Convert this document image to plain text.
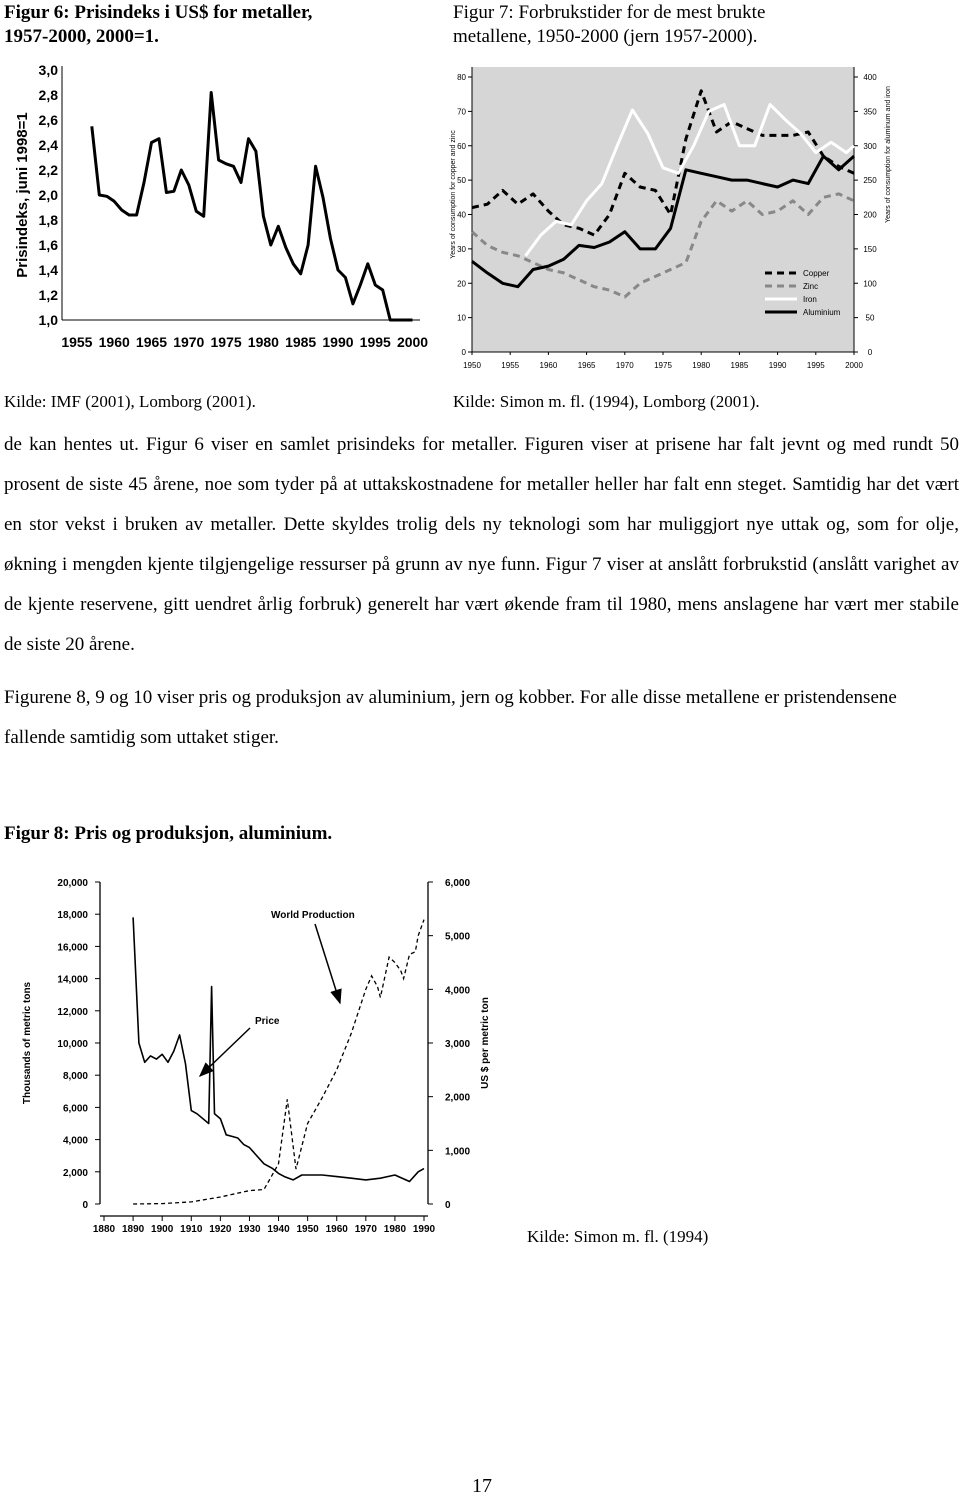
Figur 6: Prisindeks i US$ for metaller,
1957-2000, 2000=1.
Figur 7: Forbrukstider for de mest brukte
metallene, 1950-2000 (jern 1957-2000).
3,0
2,8
2,6
2,4
2,2
2,0
1,8
1,6
1,4
1,2
1,0
1955 1960 1965 1970 1975 1980 1985 1990 1995 2000
Prisindeks, juni 1998=1
80
70
60
50
40
30
20
10
0
400
350
300
250
200
150
100
50
0
1950	1955	1960	1965	1970	1975	1980	1985	1990	1995	2000
Years of consumption for copper and zinc	Years of consumption for aluminum and iron
Copper
Zinc
Iron
Aluminium
Kilde: IMF (2001), Lomborg (2001).	Kilde: Simon m. fl. (1994), Lomborg (2001).

de kan hentes ut. Figur 6 viser en samlet prisindeks for metaller. Figuren viser at prisene har falt jevnt og med rundt 50 prosent de siste 45 årene, noe som tyder på at uttakskostnadene for metaller heller har falt enn steget. Samtidig har det vært en stor vekst i bruken av metaller. Dette skyldes trolig dels ny teknologi som har muliggjort nye uttak og, som for olje, økning i mengden kjente tilgjengelige ressurser på grunn av nye funn. Figur 7 viser at anslått forbrukstid (anslått varighet av de kjente reservene, gitt uendret årlig forbruk) generelt har vært økende fram til 1980, mens anslagene har vært mer stabile de siste 20 årene.

Figurene 8, 9 og 10 viser pris og produksjon av aluminium, jern og kobber. For alle disse metallene er pristendensene fallende samtidig som uttaket stiger.

Figur 8: Pris og produksjon, aluminium.
20,000
18,000
16,000
14,000
12,000
10,000
8,000
6,000
4,000
2,000
0
6,000
5,000
4,000
3,000
2,000
1,000
0
1880 1890 1900 1910 1920 1930 1940 1950 1960 1970 1980 1990
Thousands of metric tons	US $ per metric ton
World Production
Price
Kilde: Simon m. fl. (1994)
17
